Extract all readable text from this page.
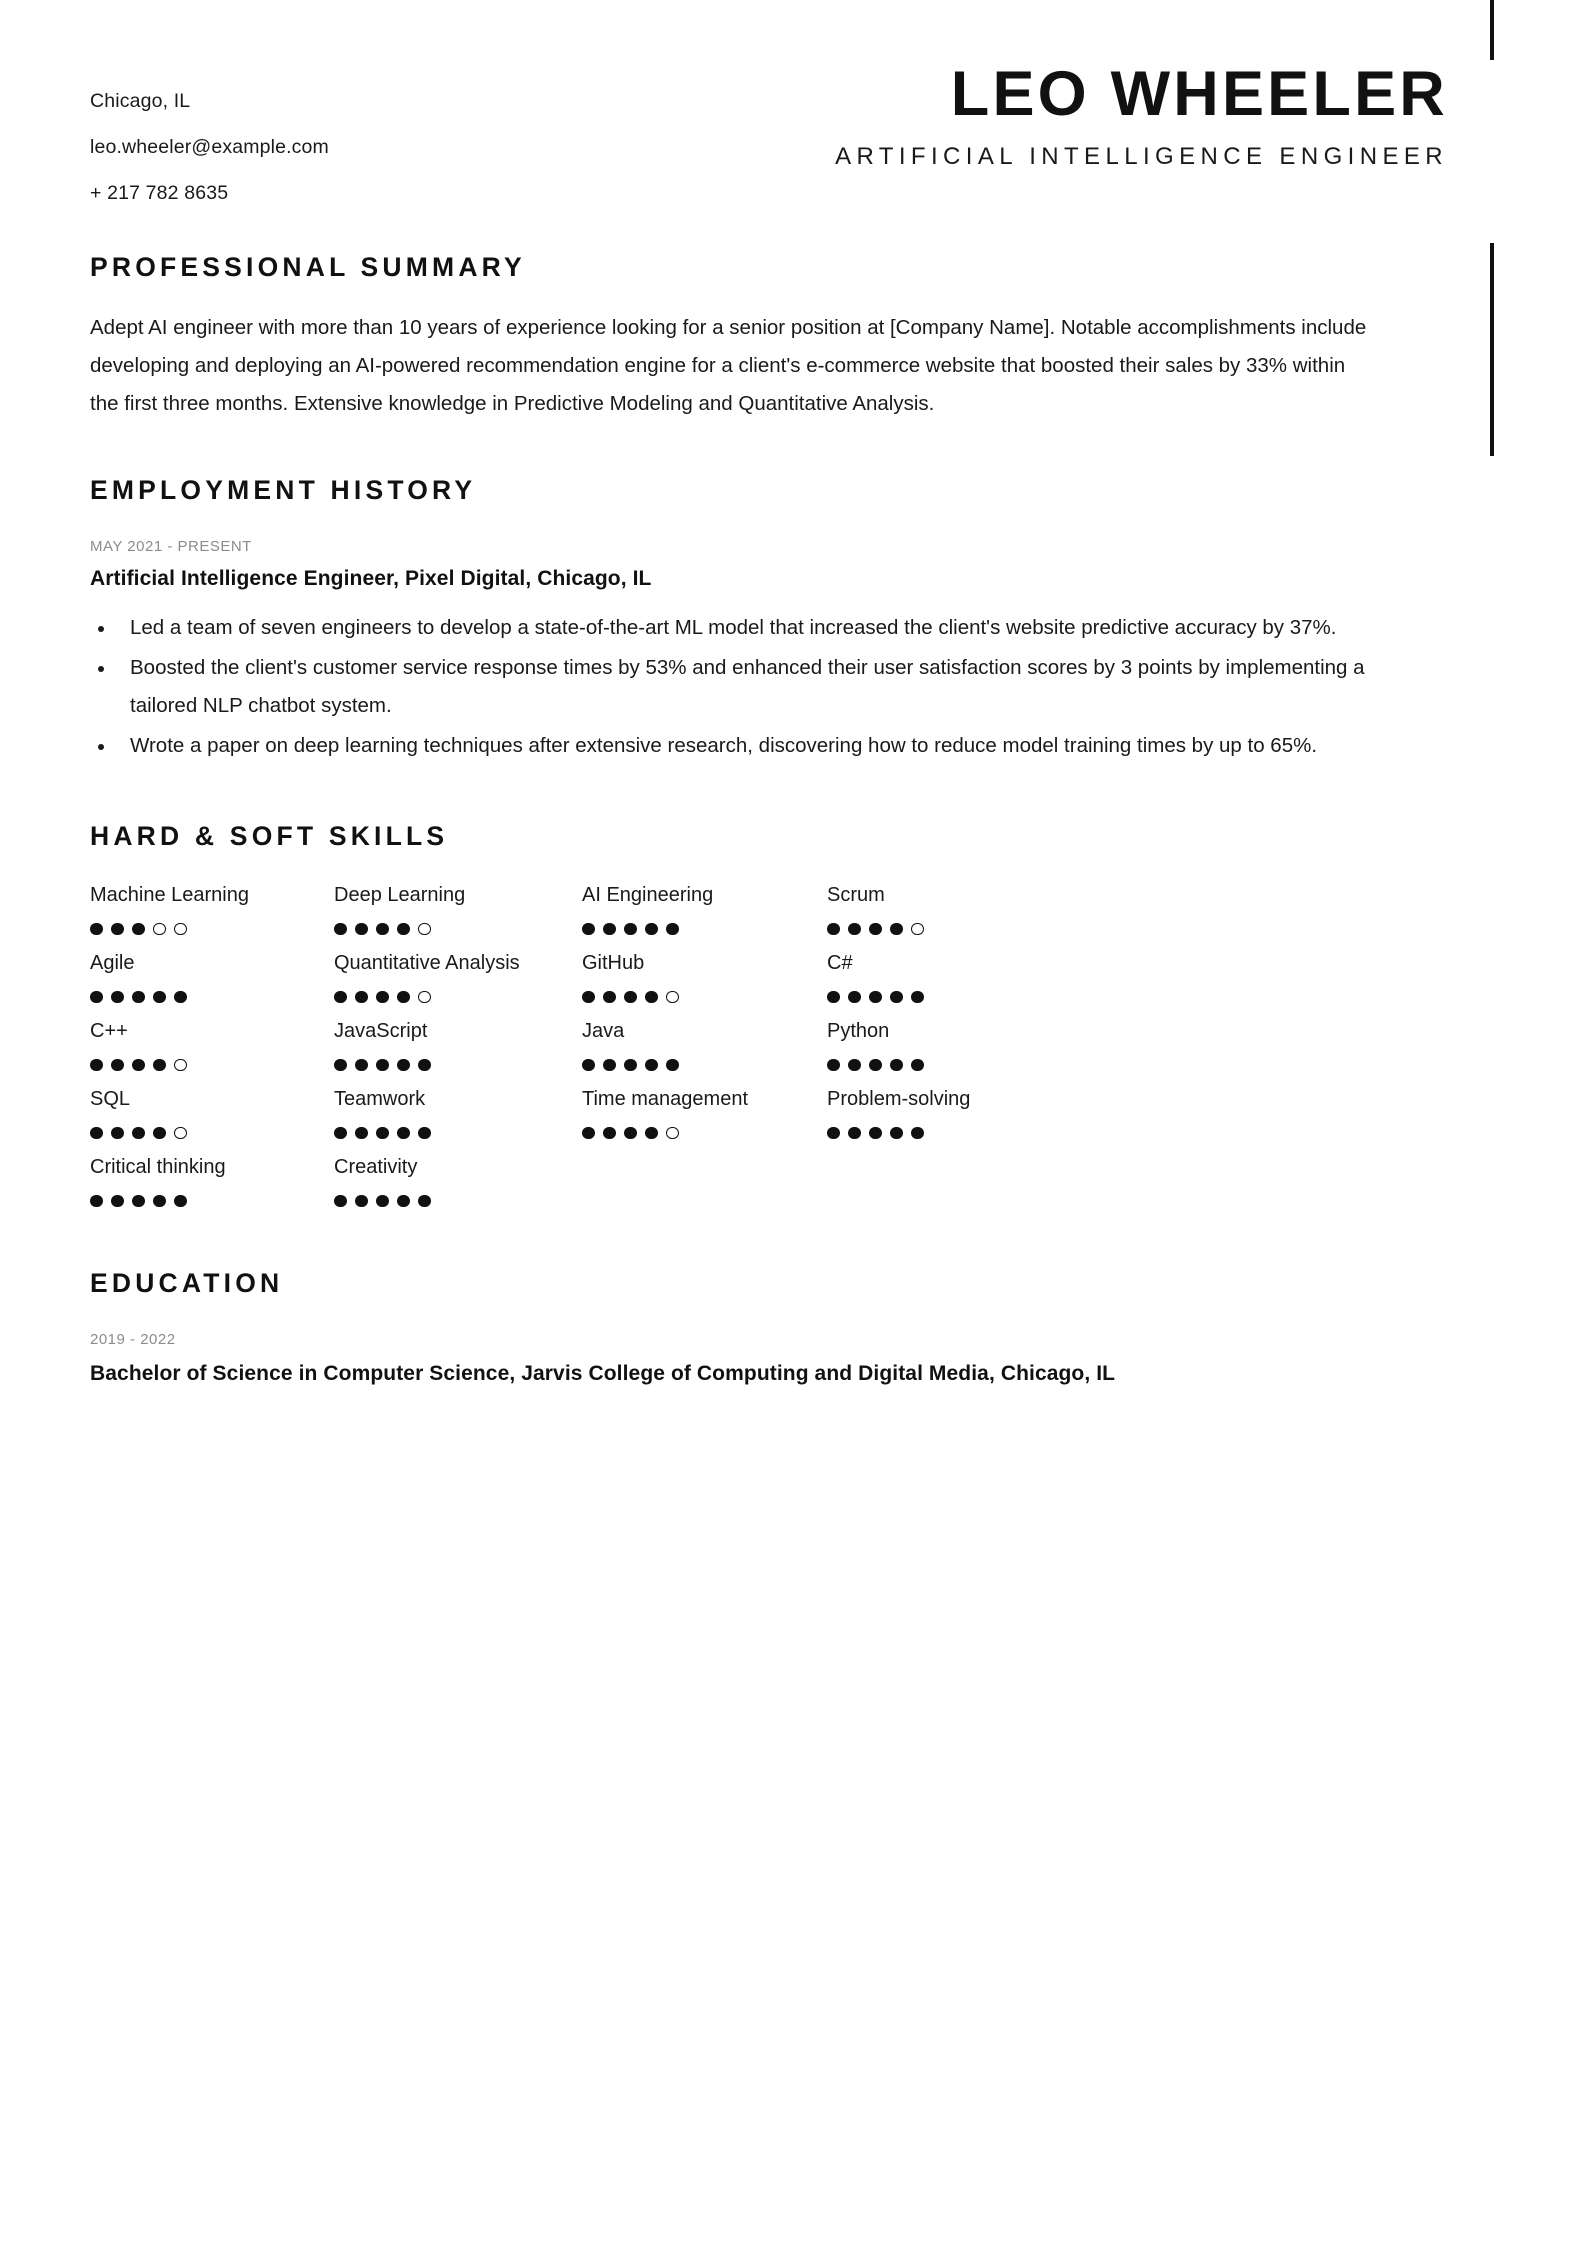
Chicago, IL
leo.wheeler@example.com
+ 217 782 8635
LEO WHEELER
ARTIFICIAL INTELLIGENCE ENGINEER
PROFESSIONAL SUMMARY
Adept AI engineer with more than 10 years of experience looking for a senior position at [Company Name]. Notable accomplishments include developing and deploying an AI-powered recommendation engine for a client's e-commerce website that boosted their sales by 33% within the first three months. Extensive knowledge in Predictive Modeling and Quantitative Analysis.
EMPLOYMENT HISTORY
MAY 2021 - PRESENT
Artificial Intelligence Engineer, Pixel Digital, Chicago, IL
Led a team of seven engineers to develop a state-of-the-art ML model that increased the client's website predictive accuracy by 37%.
Boosted the client's customer service response times by 53% and enhanced their user satisfaction scores by 3 points by implementing a tailored NLP chatbot system.
Wrote a paper on deep learning techniques after extensive research, discovering how to reduce model training times by up to 65%.
HARD & SOFT SKILLS
Machine Learning	Deep Learning	AI Engineering	Scrum
Agile	Quantitative Analysis	GitHub	C#
C++	JavaScript	Java	Python
SQL	Teamwork	Time management	Problem-solving
Critical thinking	Creativity
EDUCATION
2019 - 2022
Bachelor of Science in Computer Science, Jarvis College of Computing and Digital Media, Chicago, IL
